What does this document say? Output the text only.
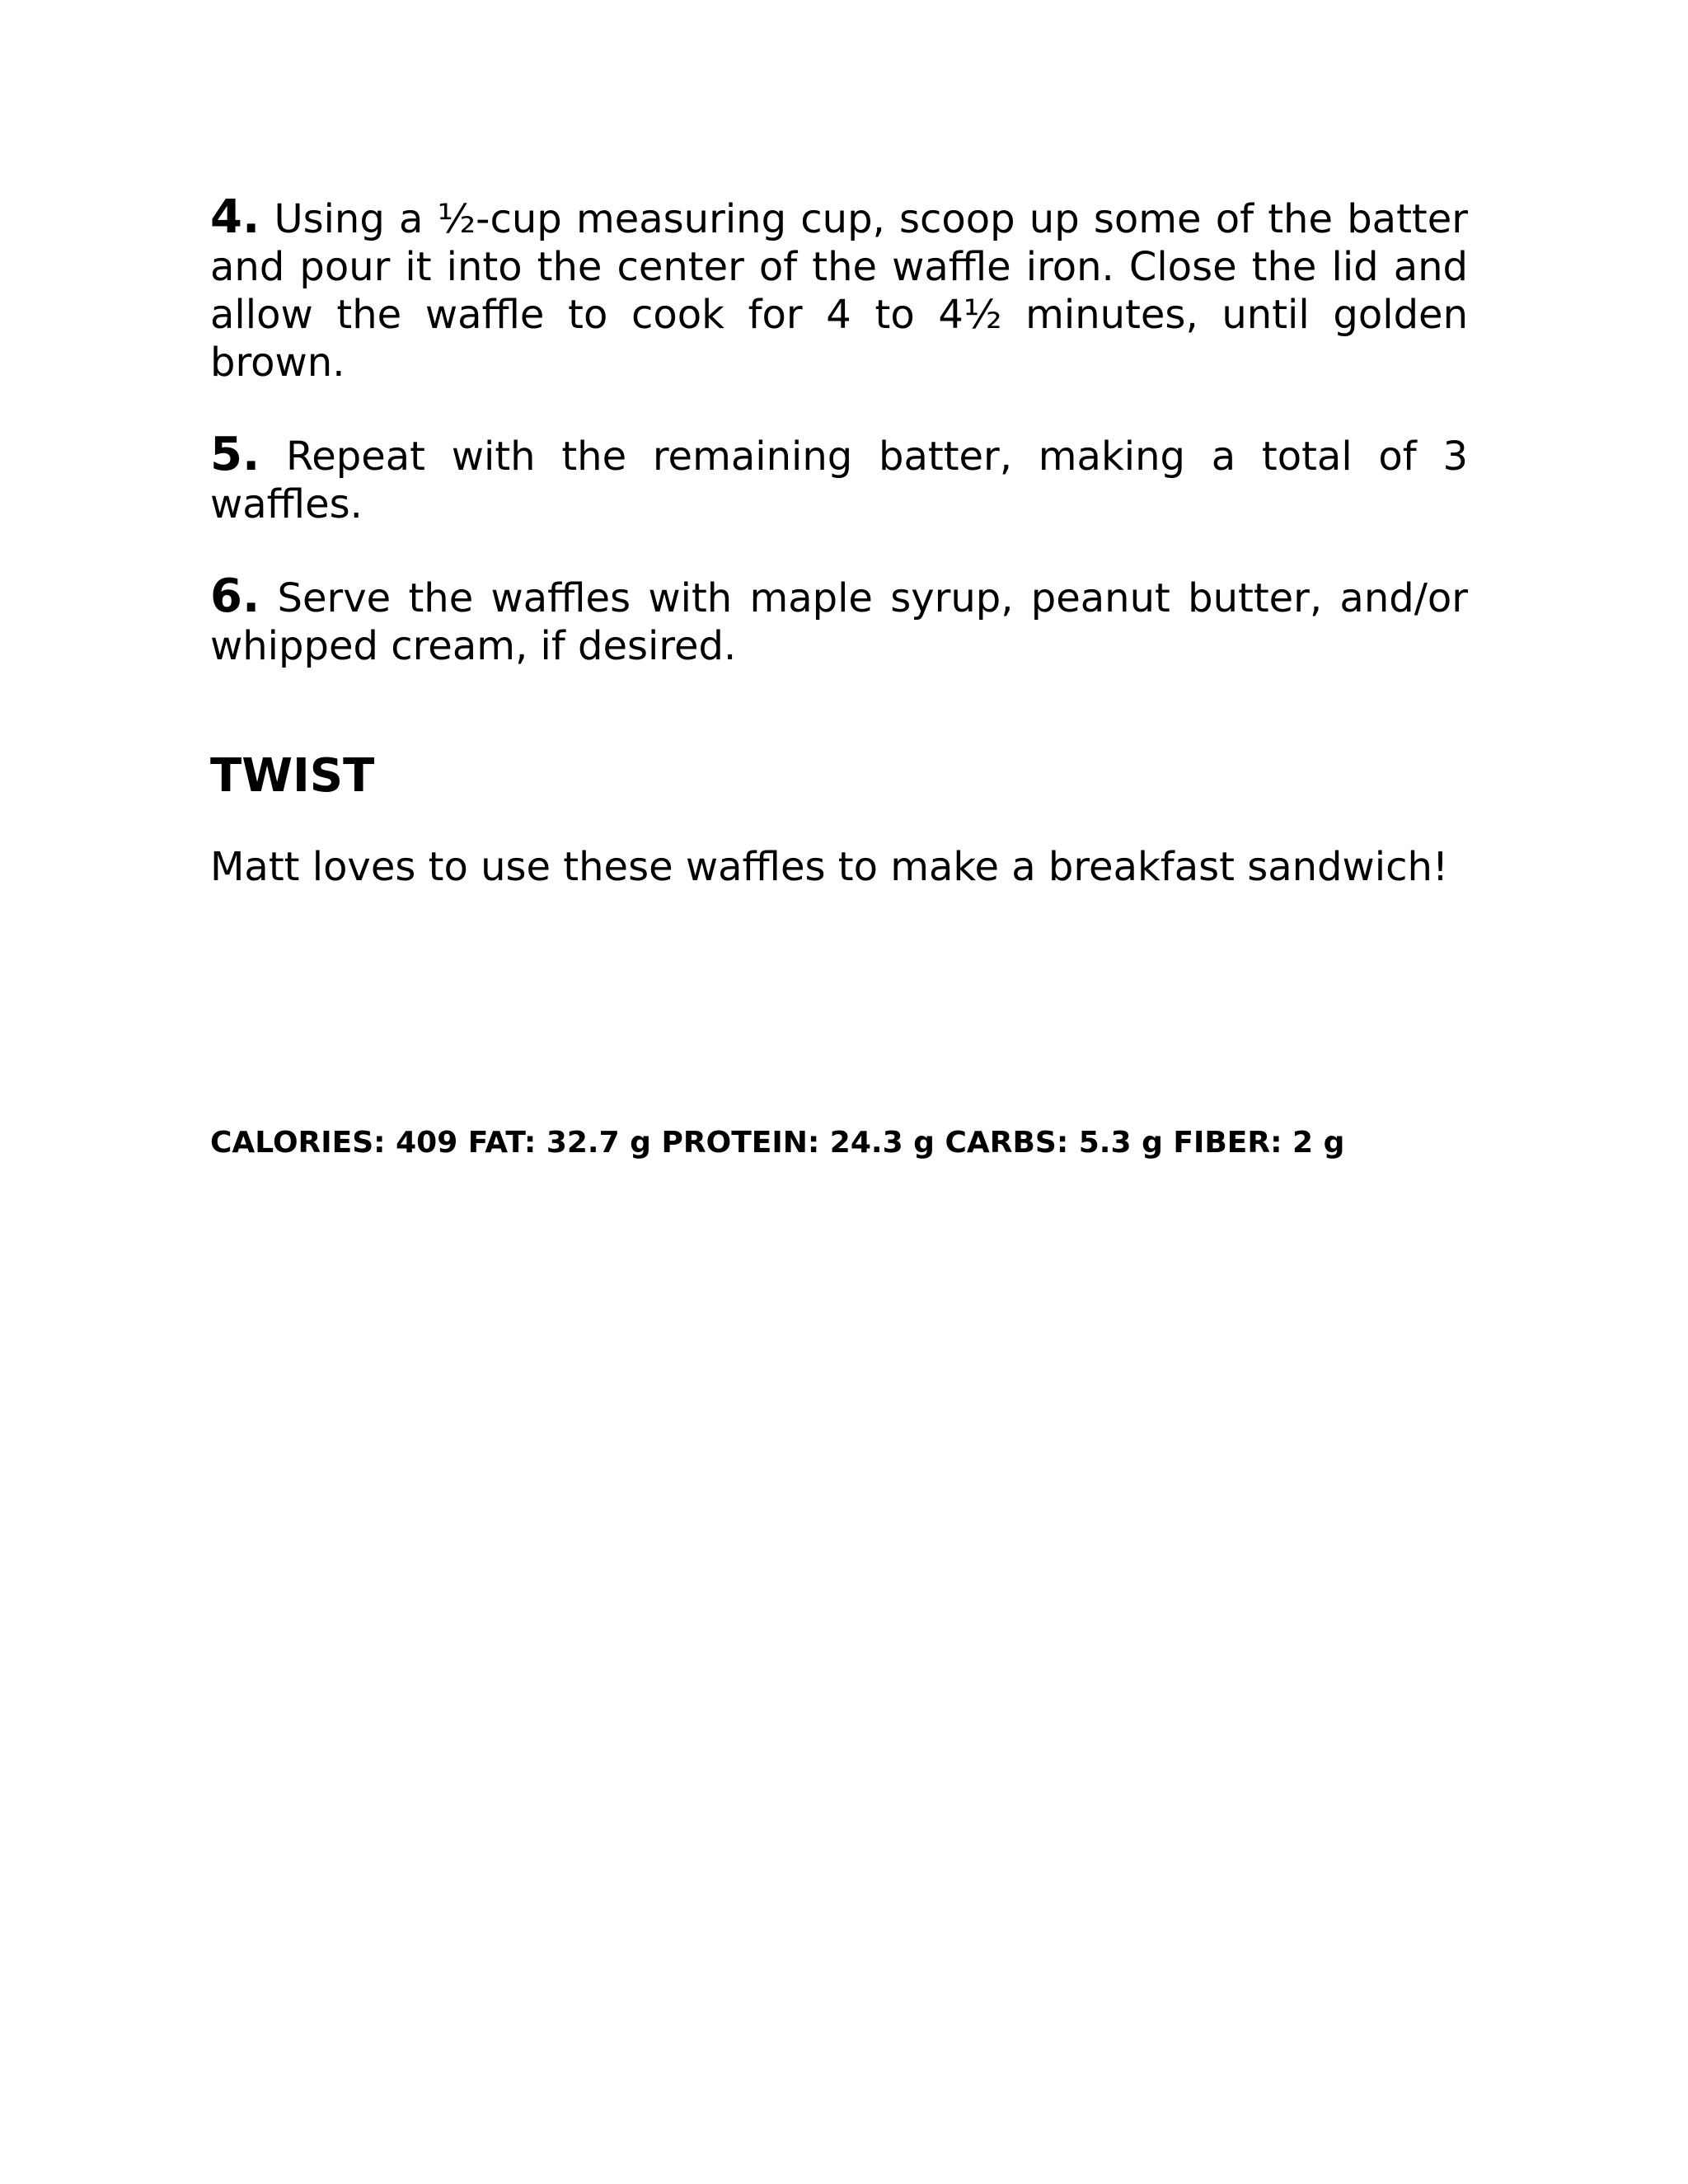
4. Using a ½-cup measuring cup, scoop up some of the batter and pour it into the center of the waffle iron. Close the lid and allow the waffle to cook for 4 to 4½ minutes, until golden brown.

5. Repeat with the remaining batter, making a total of 3 waffles.

6. Serve the waffles with maple syrup, peanut butter, and/or whipped cream, if desired.

TWIST

Matt loves to use these waffles to make a breakfast sandwich!

CALORIES: 409 FAT: 32.7 g PROTEIN: 24.3 g CARBS: 5.3 g FIBER: 2 g
